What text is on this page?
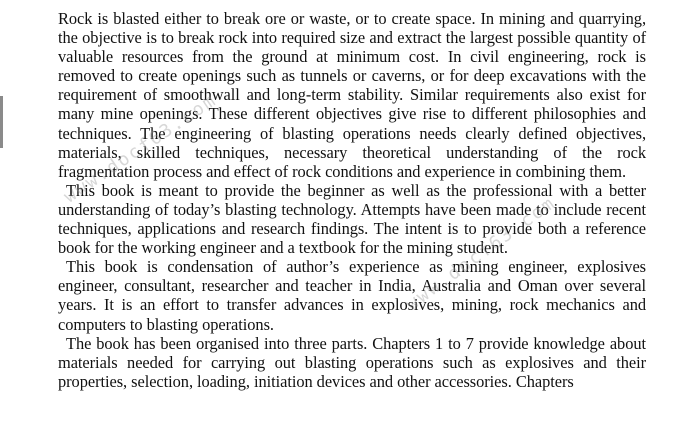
Rock is blasted either to break ore or waste, or to create space. In mining and quarrying, the objective is to break rock into required size and extract the largest possible quantity of valuable resources from the ground at minimum cost. In civil engineering, rock is removed to create openings such as tunnels or caverns, or for deep excavations with the requirement of smoothwall and long-term stability. Similar requirements also exist for many mine openings. These different objectives give rise to different philosophies and techniques. The engineering of blasting operations needs clearly defined objectives, materials, skilled techniques, necessary theoretical understanding of the rock fragmentation process and effect of rock conditions and experience in combining them.

This book is meant to provide the beginner as well as the professional with a better understanding of today’s blasting technology. Attempts have been made to include recent techniques, applications and research findings. The intent is to provide both a reference book for the working engineer and a textbook for the mining student.

This book is condensation of author’s experience as mining engineer, explosives engineer, consultant, researcher and teacher in India, Australia and Oman over several years. It is an effort to transfer advances in explosives, mining, rock mechanics and computers to blasting operations.

The book has been organised into three parts. Chapters 1 to 7 provide knowledge about materials needed for carrying out blasting operations such as explosives and their properties, selection, loading, initiation devices and other accessories. Chapters

www.docf63.com
www.docf63.com
